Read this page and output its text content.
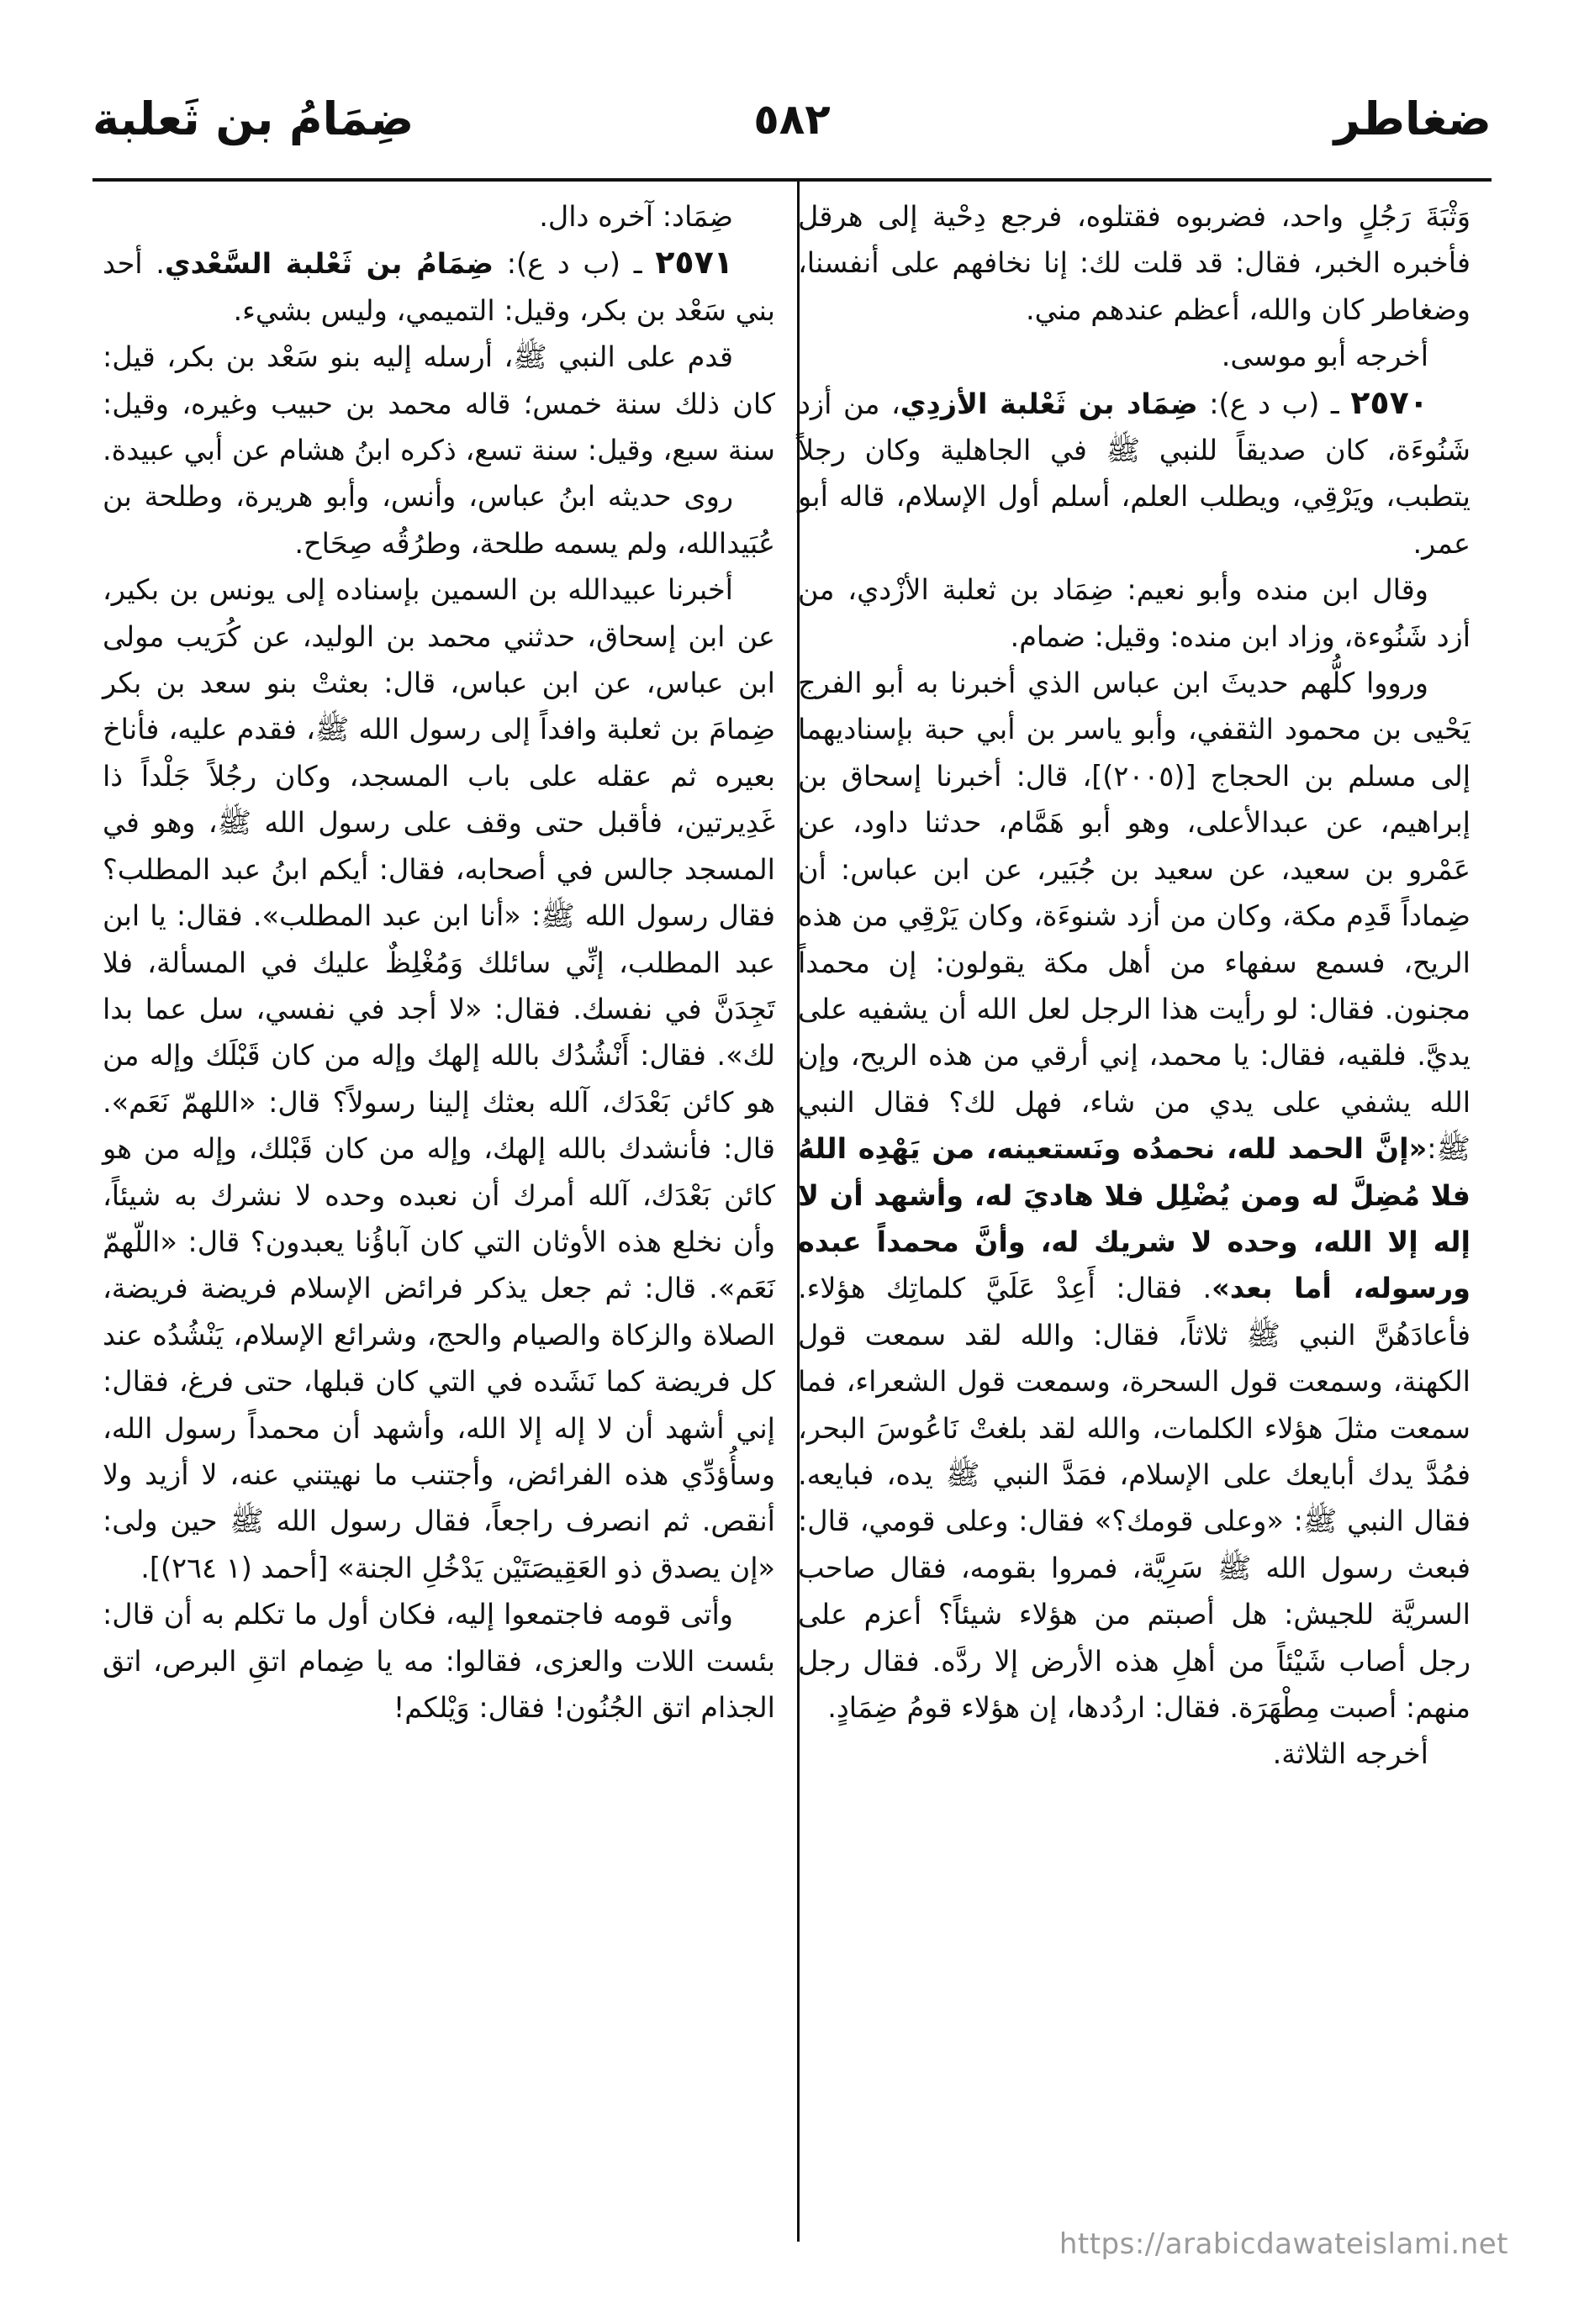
ضغاطر
٥٨٢
ضِمَامُ بن ثَعلبة

وَثْبَةَ رَجُلٍ واحد، فضربوه فقتلوه، فرجع دِحْية إلى هرقل فأخبره الخبر، فقال: قد قلت لك: إنا نخافهم على أنفسنا، وضغاطر كان والله، أعظم عندهم مني.

أخرجه أبو موسى.

٢٥٧٠ ـ (ب د ع): ضِمَاد بن ثَعْلبة الأزدِي، من أزد شَنُوءَة، كان صديقاً للنبي ﷺ في الجاهلية وكان رجلاً يتطبب، ويَرْقِي، ويطلب العلم، أسلم أول الإسلام، قاله أبو عمر.

وقال ابن منده وأبو نعيم: ضِمَاد بن ثعلبة الأزْدي، من أزد شَنُوءة، وزاد ابن منده: وقيل: ضمام.

ورووا كلُّهم حديثَ ابن عباس الذي أخبرنا به أبو الفرج يَحْيى بن محمود الثقفي، وأبو ياسر بن أبي حبة بإسناديهما إلى مسلم بن الحجاج [(٢٠٠٥)]، قال: أخبرنا إسحاق بن إبراهيم، عن عبدالأعلى، وهو أبو هَمَّام، حدثنا داود، عن عَمْرو بن سعيد، عن سعيد بن جُبَير، عن ابن عباس: أن ضِماداً قَدِم مكة، وكان من أزد شنوءَة، وكان يَرْقِي من هذه الريح، فسمع سفهاء من أهل مكة يقولون: إن محمداً مجنون. فقال: لو رأيت هذا الرجل لعل الله أن يشفيه على يديَّ. فلقيه، فقال: يا محمد، إني أرقي من هذه الريح، وإن الله يشفي على يدي من شاء، فهل لك؟ فقال النبي ﷺ:«إنَّ الحمد لله، نحمدُه ونَستعينه، من يَهْدِه اللهُ فلا مُضِلَّ له ومن يُضْلِل فلا هاديَ له، وأشهد أن لا إله إلا الله، وحده لا شريك له، وأنَّ محمداً عبده ورسوله، أما بعد». فقال: أَعِدْ عَلَيَّ كلماتِك هؤلاء. فأعادَهُنَّ النبي ﷺ ثلاثاً، فقال: والله لقد سمعت قول الكهنة، وسمعت قول السحرة، وسمعت قول الشعراء، فما سمعت مثلَ هؤلاء الكلمات، والله لقد بلغتْ نَاعُوسَ البحر، فمُدَّ يدك أبايعك على الإسلام، فمَدَّ النبي ﷺ يده، فبايعه. فقال النبي ﷺ: «وعلى قومك؟» فقال: وعلى قومي، قال: فبعث رسول الله ﷺ سَرِيَّة، فمروا بقومه، فقال صاحب السريَّة للجيش: هل أصبتم من هؤلاء شيئاً؟ أعزم على رجل أصاب شَيْئاً من أهلِ هذه الأرض إلا ردَّه. فقال رجل منهم: أصبت مِطْهَرَة. فقال: اردُدها، إن هؤلاء قومُ ضِمَادٍ.

أخرجه الثلاثة.

ضِمَاد: آخره دال.

٢٥٧١ ـ (ب د ع): ضِمَامُ بن ثَعْلبة السَّعْدي. أحد بني سَعْد بن بكر، وقيل: التميمي، وليس بشيء.

قدم على النبي ﷺ، أرسله إليه بنو سَعْد بن بكر، قيل: كان ذلك سنة خمس؛ قاله محمد بن حبيب وغيره، وقيل: سنة سبع، وقيل: سنة تسع، ذكره ابنُ هشام عن أبي عبيدة.

روى حديثه ابنُ عباس، وأنس، وأبو هريرة، وطلحة بن عُبَيدالله، ولم يسمه طلحة، وطرُقُه صِحَاح.

أخبرنا عبيدالله بن السمين بإسناده إلى يونس بن بكير، عن ابن إسحاق، حدثني محمد بن الوليد، عن كُرَيب مولى ابن عباس، عن ابن عباس، قال: بعثتْ بنو سعد بن بكر ضِمامَ بن ثعلبة وافداً إلى رسول الله ﷺ، فقدم عليه، فأناخ بعيره ثم عقله على باب المسجد، وكان رجُلاً جَلْداً ذا غَدِيرتين، فأقبل حتى وقف على رسول الله ﷺ، وهو في المسجد جالس في أصحابه، فقال: أيكم ابنُ عبد المطلب؟ فقال رسول الله ﷺ: «أنا ابن عبد المطلب». فقال: يا ابن عبد المطلب، إنِّي سائلك وَمُغْلِظٌ عليك في المسألة، فلا تَجِدَنَّ في نفسك. فقال: «لا أجد في نفسي، سل عما بدا لك». فقال: أَنْشُدُك بالله إلهك وإله من كان قَبْلَك وإله من هو كائن بَعْدَك، آلله بعثك إلينا رسولاً؟ قال: «اللهمّ نَعَم». قال: فأنشدك بالله إلهك، وإله من كان قَبْلك، وإله من هو كائن بَعْدَك، آلله أمرك أن نعبده وحده لا نشرك به شيئاً، وأن نخلع هذه الأوثان التي كان آباؤُنا يعبدون؟ قال: «اللّهمّ نَعَم». قال: ثم جعل يذكر فرائض الإسلام فريضة فريضة، الصلاة والزكاة والصيام والحج، وشرائع الإسلام، يَنْشُدُه عند كل فريضة كما نَشَده في التي كان قبلها، حتى فرغ، فقال: إني أشهد أن لا إله إلا الله، وأشهد أن محمداً رسول الله، وسأُؤدِّي هذه الفرائض، وأجتنب ما نهيتني عنه، لا أزيد ولا أنقص. ثم انصرف راجعاً، فقال رسول الله ﷺ حين ولى: «إن يصدق ذو العَقِيصَتَيْن يَدْخُلِ الجنة» [أحمد (١ ٢٦٤)].

وأتى قومه فاجتمعوا إليه، فكان أول ما تكلم به أن قال: بئست اللات والعزى، فقالوا: مه يا ضِمام اتقِ البرص، اتق الجذام اتق الجُنُون! فقال: وَيْلكم!

https://arabicdawateislami.net
